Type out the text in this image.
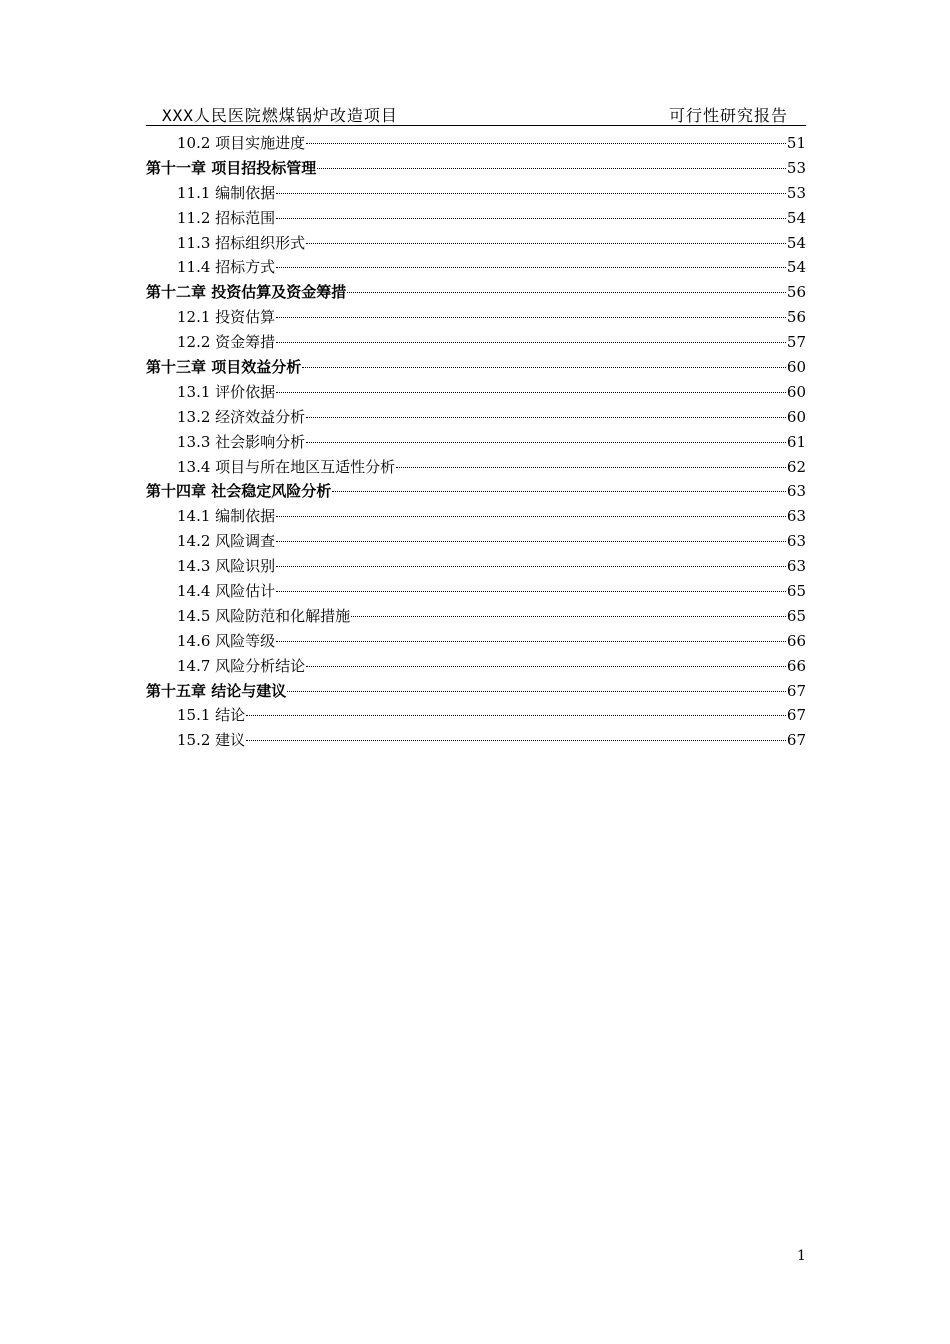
XXX人民医院燃煤锅炉改造项目	可行性研究报告
10.2 项目实施进度	51
第十一章 项目招投标管理	53
11.1 编制依据	53
11.2 招标范围	54
11.3 招标组织形式	54
11.4 招标方式	54
第十二章 投资估算及资金筹措	56
12.1 投资估算	56
12.2 资金筹措	57
第十三章 项目效益分析	60
13.1 评价依据	60
13.2 经济效益分析	60
13.3 社会影响分析	61
13.4 项目与所在地区互适性分析	62
第十四章 社会稳定风险分析	63
14.1 编制依据	63
14.2 风险调查	63
14.3 风险识别	63
14.4 风险估计	65
14.5 风险防范和化解措施	65
14.6 风险等级	66
14.7 风险分析结论	66
第十五章 结论与建议	67
15.1 结论	67
15.2 建议	67
1
